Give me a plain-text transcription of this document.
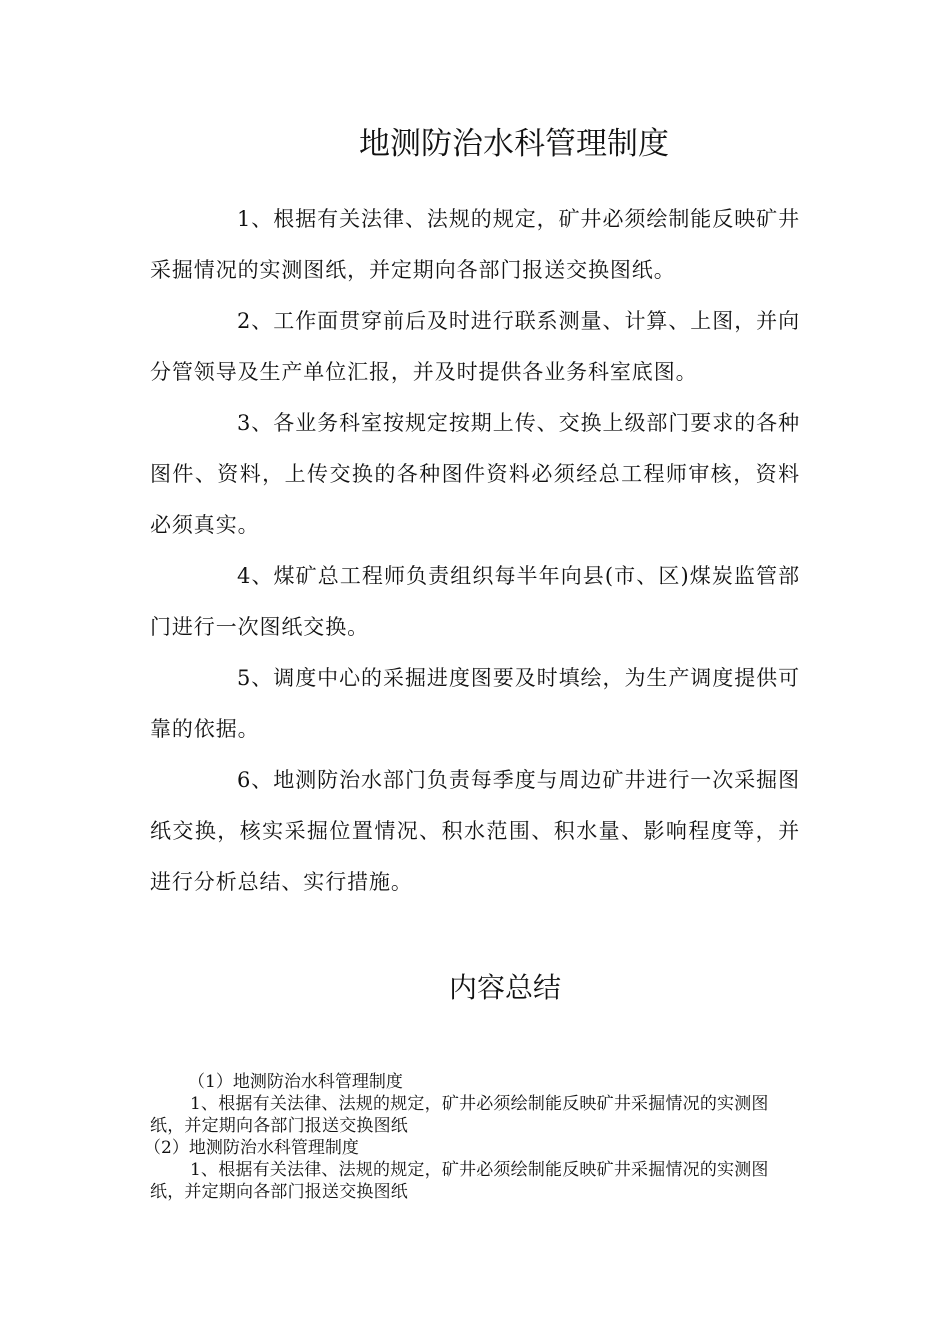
地测防治水科管理制度

1、根据有关法律、法规的规定，矿井必须绘制能反映矿井采掘情况的实测图纸，并定期向各部门报送交换图纸。

2、工作面贯穿前后及时进行联系测量、计算、上图，并向分管领导及生产单位汇报，并及时提供各业务科室底图。

3、各业务科室按规定按期上传、交换上级部门要求的各种图件、资料，上传交换的各种图件资料必须经总工程师审核，资料必须真实。

4、煤矿总工程师负责组织每半年向县(市、区)煤炭监管部门进行一次图纸交换。

5、调度中心的采掘进度图要及时填绘，为生产调度提供可靠的依据。

6、地测防治水部门负责每季度与周边矿井进行一次采掘图纸交换，核实采掘位置情况、积水范围、积水量、影响程度等，并进行分析总结、实行措施。

内容总结

（1）地测防治水科管理制度

1、根据有关法律、法规的规定，矿井必须绘制能反映矿井采掘情况的实测图纸，并定期向各部门报送交换图纸

（2）地测防治水科管理制度

1、根据有关法律、法规的规定，矿井必须绘制能反映矿井采掘情况的实测图纸，并定期向各部门报送交换图纸
